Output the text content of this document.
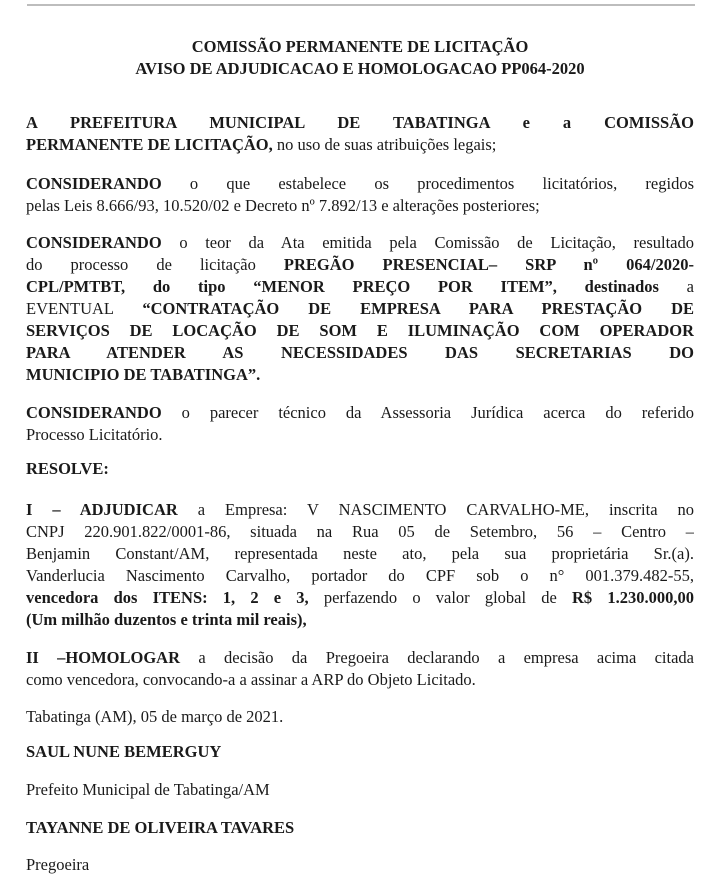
COMISSÃO PERMANENTE DE LICITAÇÃO
AVISO DE ADJUDICACAO E HOMOLOGACAO PP064-2020
A PREFEITURA MUNICIPAL DE TABATINGA e a COMISSÃO
PERMANENTE DE LICITAÇÃO, no uso de suas atribuições legais;
CONSIDERANDO o que estabelece os procedimentos licitatórios, regidos
pelas Leis 8.666/93, 10.520/02 e Decreto nº 7.892/13 e alterações posteriores;
CONSIDERANDO o teor da Ata emitida pela Comissão de Licitação, resultado
do processo de licitação PREGÃO PRESENCIAL– SRP nº 064/2020-
CPL/PMTBT, do tipo “MENOR PREÇO POR ITEM”, destinados a
EVENTUAL “CONTRATAÇÃO DE EMPRESA PARA PRESTAÇÃO DE
SERVIÇOS DE LOCAÇÃO DE SOM E ILUMINAÇÃO COM OPERADOR
PARA ATENDER AS NECESSIDADES DAS SECRETARIAS DO
MUNICIPIO DE TABATINGA”.
CONSIDERANDO o parecer técnico da Assessoria Jurídica acerca do referido
Processo Licitatório.
RESOLVE:
I – ADJUDICAR a Empresa: V NASCIMENTO CARVALHO-ME, inscrita no
CNPJ 220.901.822/0001-86, situada na Rua 05 de Setembro, 56 – Centro –
Benjamin Constant/AM, representada neste ato, pela sua proprietária Sr.(a).
Vanderlucia Nascimento Carvalho, portador do CPF sob o n° 001.379.482-55,
vencedora dos ITENS: 1, 2 e 3, perfazendo o valor global de R$ 1.230.000,00
(Um milhão duzentos e trinta mil reais),
II –HOMOLOGAR a decisão da Pregoeira declarando a empresa acima citada
como vencedora, convocando-a a assinar a ARP do Objeto Licitado.
Tabatinga (AM), 05 de março de 2021.
SAUL NUNE BEMERGUY
Prefeito Municipal de Tabatinga/AM
TAYANNE DE OLIVEIRA TAVARES
Pregoeira
